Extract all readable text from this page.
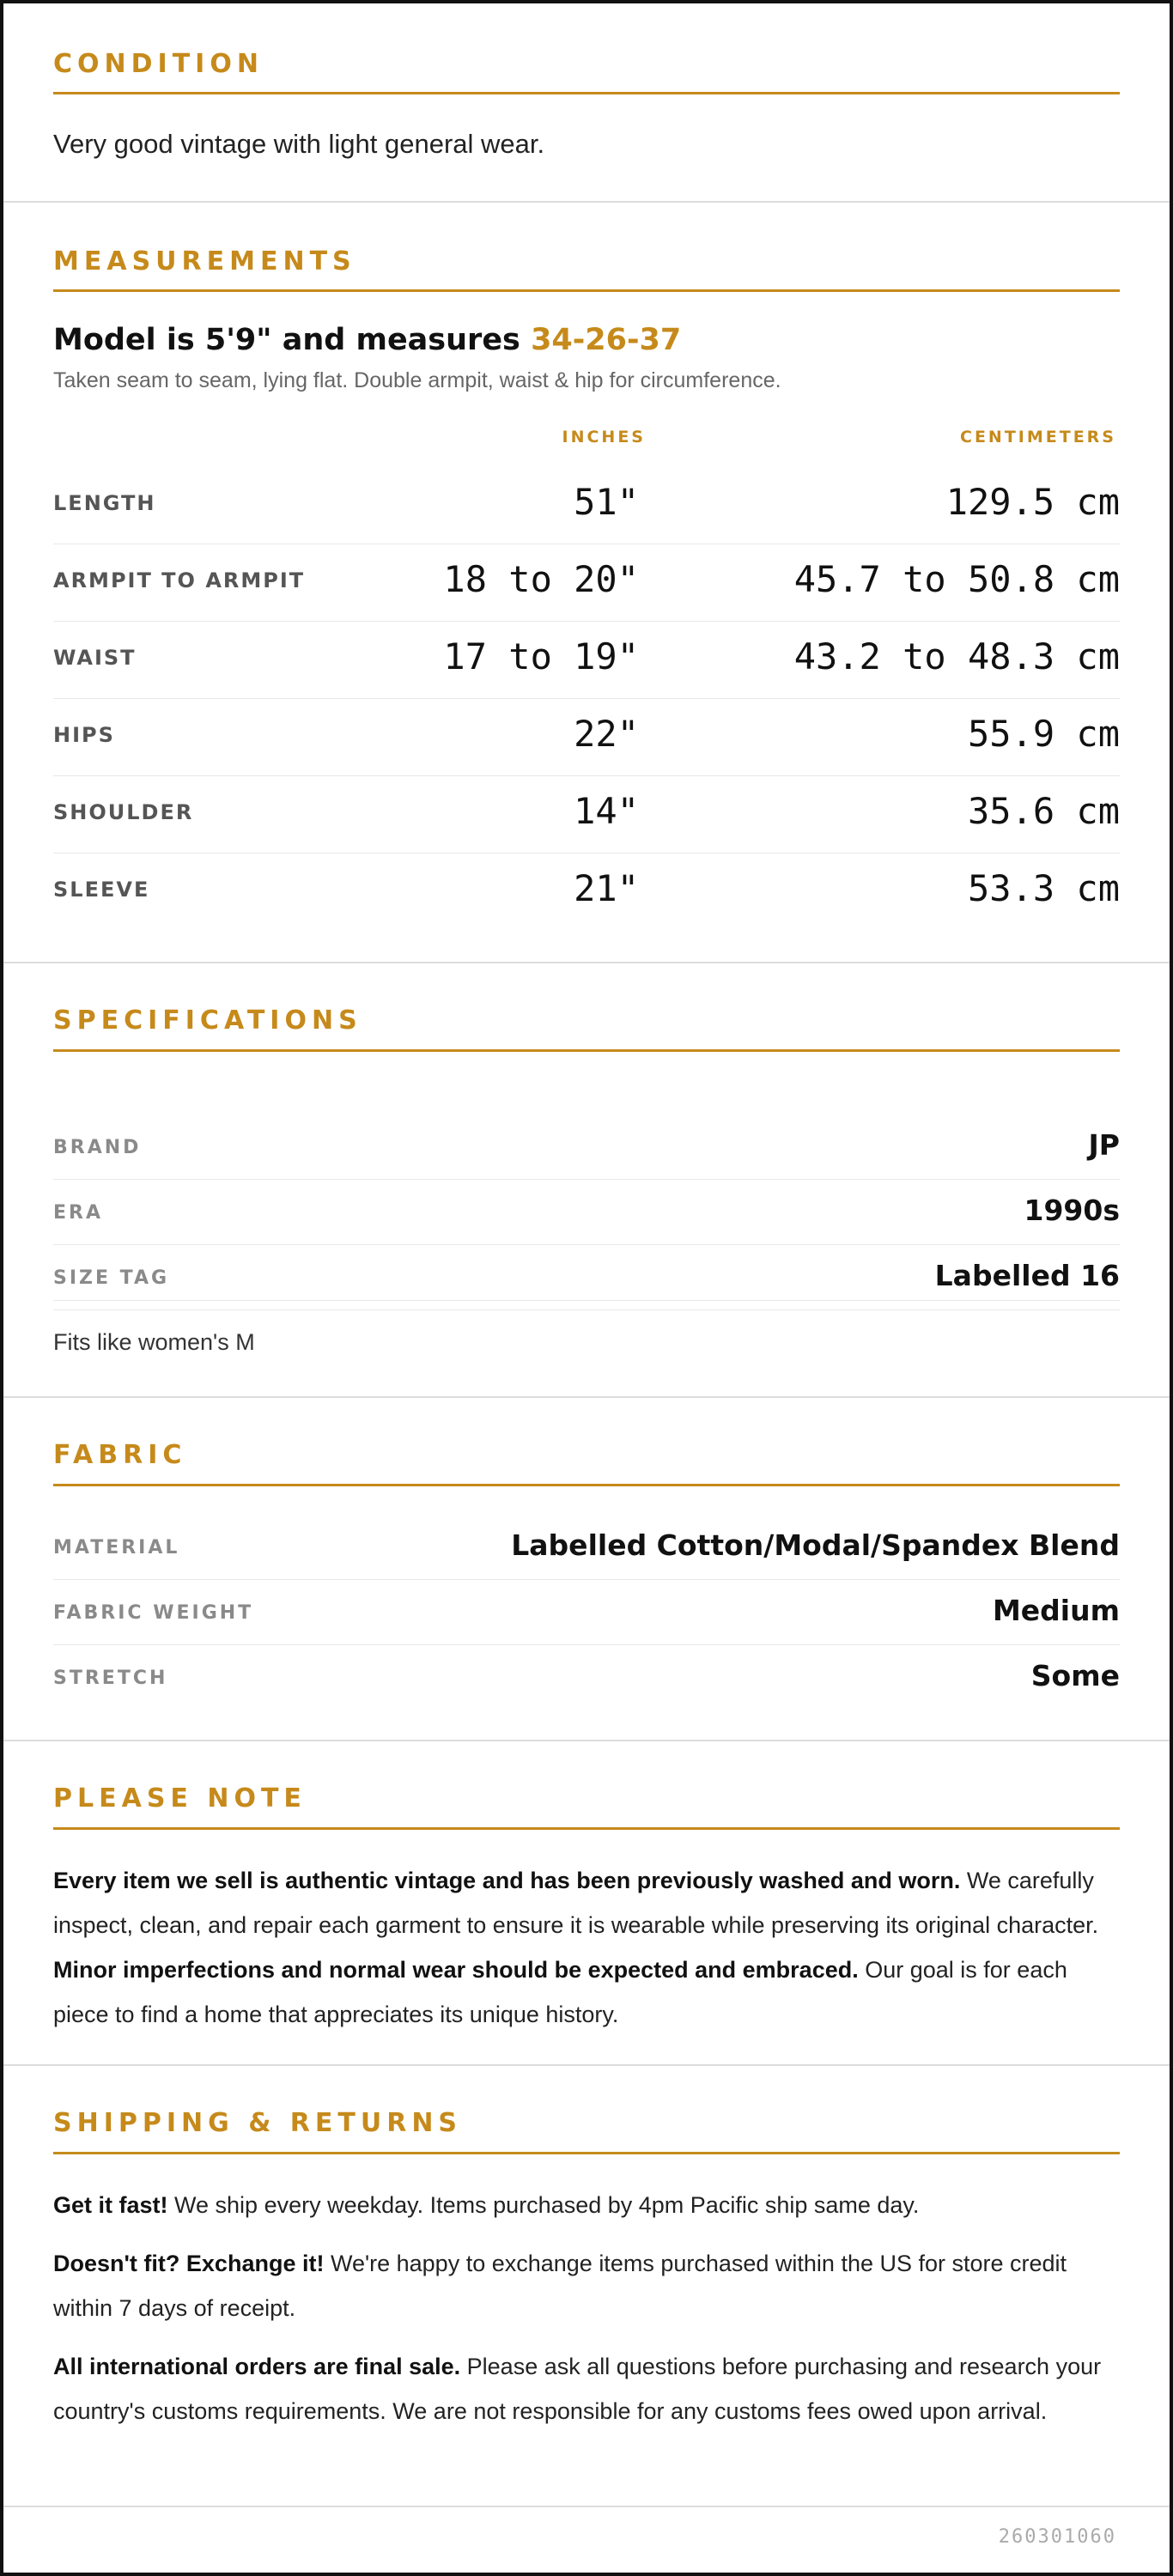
CONDITION
Very good vintage with light general wear.
MEASUREMENTS
Model is 5'9" and measures 34-26-37
Taken seam to seam, lying flat. Double armpit, waist & hip for circumference.
INCHES	CENTIMETERS
LENGTH	51"	129.5 cm
ARMPIT TO ARMPIT	18 to 20"	45.7 to 50.8 cm
WAIST	17 to 19"	43.2 to 48.3 cm
HIPS	22"	55.9 cm
SHOULDER	14"	35.6 cm
SLEEVE	21"	53.3 cm
SPECIFICATIONS
BRAND	JP
ERA	1990s
SIZE TAG	Labelled 16
Fits like women's M
FABRIC
MATERIAL	Labelled Cotton/Modal/Spandex Blend
FABRIC WEIGHT	Medium
STRETCH	Some
PLEASE NOTE
Every item we sell is authentic vintage and has been previously washed and worn. We carefully inspect, clean, and repair each garment to ensure it is wearable while preserving its original character. Minor imperfections and normal wear should be expected and embraced. Our goal is for each piece to find a home that appreciates its unique history.
SHIPPING & RETURNS
Get it fast! We ship every weekday. Items purchased by 4pm Pacific ship same day.
Doesn't fit? Exchange it! We're happy to exchange items purchased within the US for store credit within 7 days of receipt.
All international orders are final sale. Please ask all questions before purchasing and research your country's customs requirements. We are not responsible for any customs fees owed upon arrival.
260301060
